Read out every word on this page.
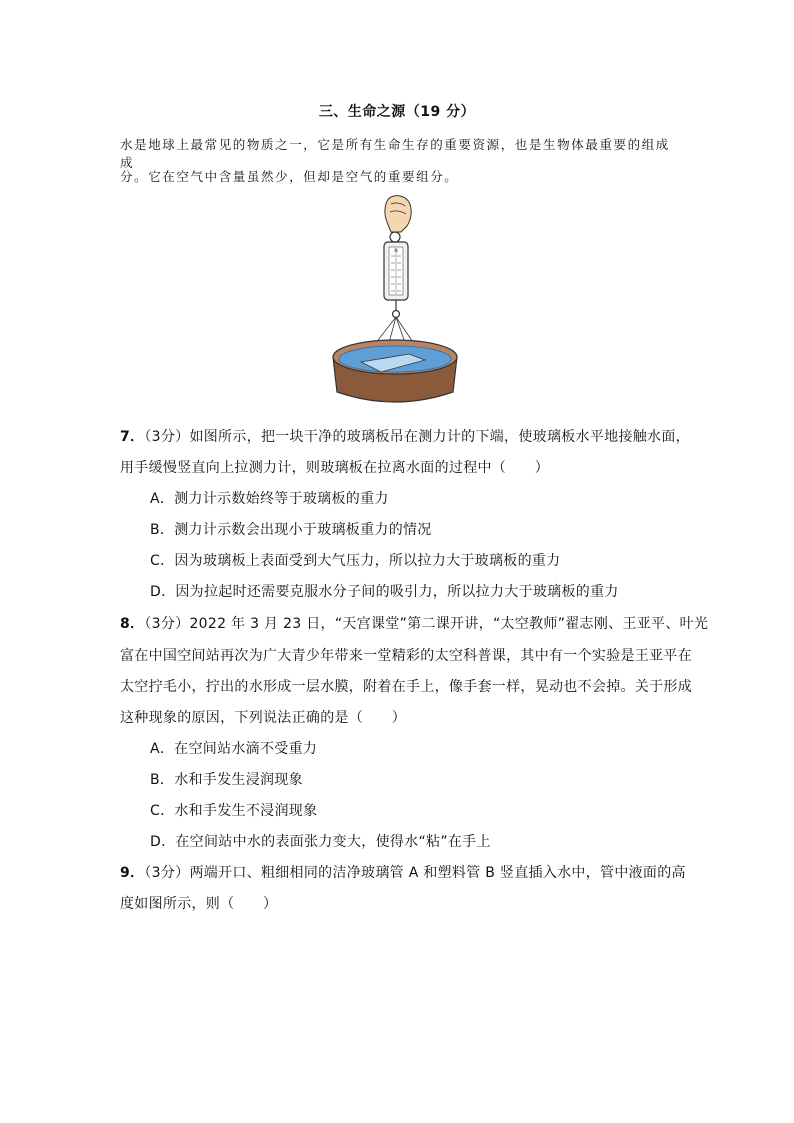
三、生命之源（19 分）
水是地球上最常见的物质之一，它是所有生命生存的重要资源，也是生物体最重要的组成成
分。它在空气中含量虽然少，但却是空气的重要组分。
N
7．（3分）如图所示，把一块干净的玻璃板吊在测力计的下端，使玻璃板水平地接触水面，
用手缓慢竖直向上拉测力计，则玻璃板在拉离水面的过程中（　　）
A．测力计示数始终等于玻璃板的重力
B．测力计示数会出现小于玻璃板重力的情况
C．因为玻璃板上表面受到大气压力，所以拉力大于玻璃板的重力
D．因为拉起时还需要克服水分子间的吸引力，所以拉力大于玻璃板的重力
8．（3分）2022 年 3 月 23 日，“天宫课堂”第二课开讲，“太空教师”翟志刚、王亚平、叶光
富在中国空间站再次为广大青少年带来一堂精彩的太空科普课，其中有一个实验是王亚平在
太空拧毛小，拧出的水形成一层水膜，附着在手上，像手套一样，晃动也不会掉。关于形成
这种现象的原因，下列说法正确的是（　　）
A．在空间站水滴不受重力
B．水和手发生浸润现象
C．水和手发生不浸润现象
D．在空间站中水的表面张力变大，使得水“粘”在手上
9．（3分）两端开口、粗细相同的洁净玻璃管 A 和塑料管 B 竖直插入水中，管中液面的高
度如图所示，则（　　）
